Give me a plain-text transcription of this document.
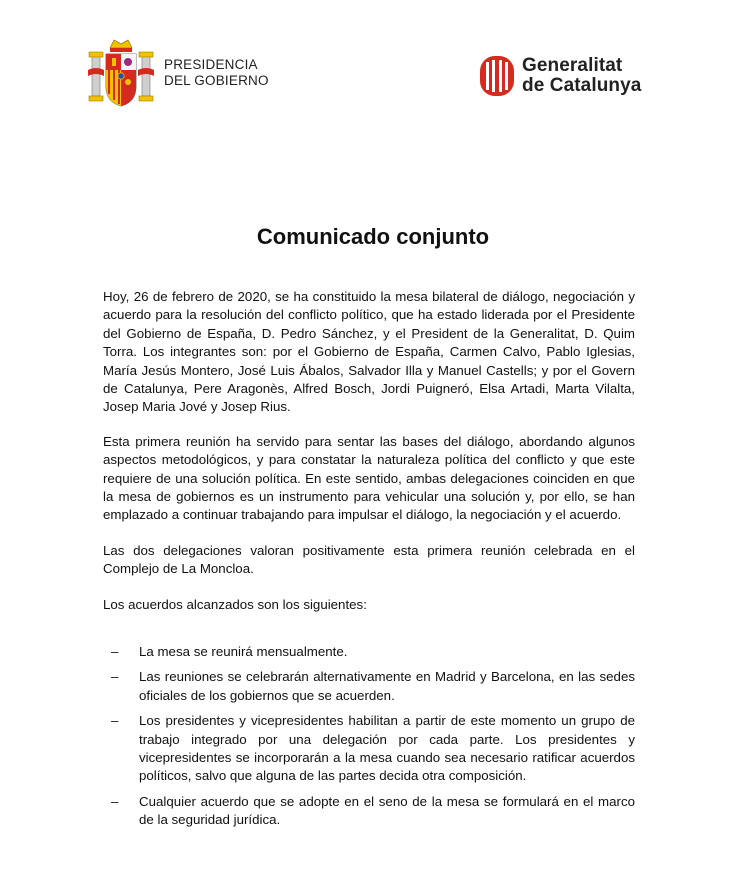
PRESIDENCIA
DEL GOBIERNO
Generalitat
de Catalunya
Comunicado conjunto

Hoy, 26 de febrero de 2020, se ha constituido la mesa bilateral de diálogo, negociación y acuerdo para la resolución del conflicto político, que ha estado liderada por el Presidente del Gobierno de España, D. Pedro Sánchez, y el President de la Generalitat, D. Quim Torra. Los integrantes son: por el Gobierno de España, Carmen Calvo, Pablo Iglesias, María Jesús Montero, José Luis Ábalos, Salvador Illa y Manuel Castells; y por el Govern de Catalunya, Pere Aragonès, Alfred Bosch, Jordi Puigneró, Elsa Artadi, Marta Vilalta, Josep Maria Jové y Josep Rius.

Esta primera reunión ha servido para sentar las bases del diálogo, abordando algunos aspectos metodológicos, y para constatar la naturaleza política del conflicto y que este requiere de una solución política. En este sentido, ambas delegaciones coinciden en que la mesa de gobiernos es un instrumento para vehicular una solución y, por ello, se han emplazado a continuar trabajando para impulsar el diálogo, la negociación y el acuerdo.

Las dos delegaciones valoran positivamente esta primera reunión celebrada en el Complejo de La Moncloa.

Los acuerdos alcanzados son los siguientes:

– La mesa se reunirá mensualmente.
– Las reuniones se celebrarán alternativamente en Madrid y Barcelona, en las sedes oficiales de los gobiernos que se acuerden.
– Los presidentes y vicepresidentes habilitan a partir de este momento un grupo de trabajo integrado por una delegación por cada parte. Los presidentes y vicepresidentes se incorporarán a la mesa cuando sea necesario ratificar acuerdos políticos, salvo que alguna de las partes decida otra composición.
– Cualquier acuerdo que se adopte en el seno de la mesa se formulará en el marco de la seguridad jurídica.
